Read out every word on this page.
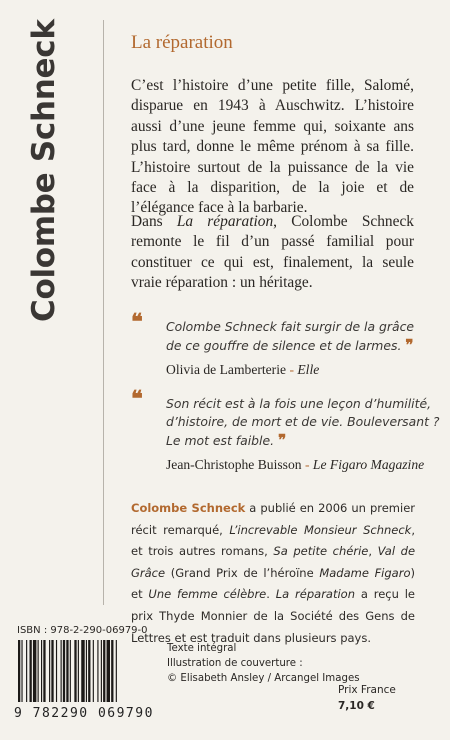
Colombe Schneck	La réparation
C’est l’histoire d’une petite fille, Salomé, disparue en 1943 à Auschwitz. L’histoire aussi d’une jeune femme qui, soixante ans plus tard, donne le même prénom à sa fille. L’histoire surtout de la puissance de la vie face à la disparition, de la joie et de l’élégance face à la barbarie.
Dans La réparation, Colombe Schneck remonte le fil d’un passé familial pour constituer ce qui est, finalement, la seule vraie réparation : un héritage.
❝ Colombe Schneck fait surgir de la grâce
de ce gouffre de silence et de larmes. ❞
Olivia de Lamberterie - Elle
❝ Son récit est à la fois une leçon d’humilité,
d’histoire, de mort et de vie. Bouleversant ?
Le mot est faible. ❞
Jean-Christophe Buisson - Le Figaro Magazine
Colombe Schneck a publié en 2006 un premier récit remarqué, L’increvable Monsieur Schneck, et trois autres romans, Sa petite chérie, Val de Grâce (Grand Prix de l’héroïne Madame Figaro) et Une femme célèbre. La réparation a reçu le prix Thyde Monnier de la Société des Gens de Lettres et est traduit dans plusieurs pays.
ISBN : 978-2-290-06979-0
9 782290 069790
Texte intégral
Illustration de couverture :
© Elisabeth Ansley / Arcangel Images
Prix France
7,10 €
